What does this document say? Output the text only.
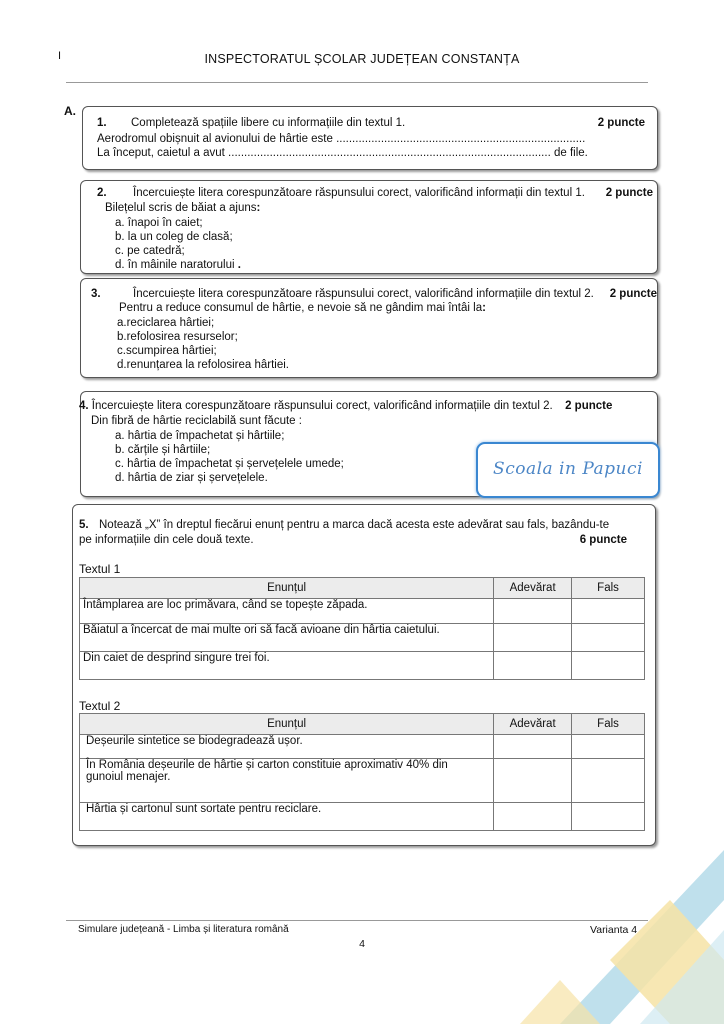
I	INSPECTORATUL ȘCOLAR JUDEȚEAN CONSTANȚA
A.
1. Completează spațiile libere cu informațiile din textul 1.	2 puncte
Aerodromul obișnuit al avionului de hârtie este ..............................................................................
La început, caietul a avut ..................................................................................................... de file.
2. Încercuiește litera corespunzătoare răspunsului corect, valorificând informații din textul 1. 2 puncte
Bilețelul scris de băiat a ajuns:
a. înapoi în caiet;
b. la un coleg de clasă;
c. pe catedră;
d. în mâinile naratorului .
3.	Încercuiește litera corespunzătoare răspunsului corect, valorificând informațiile din textul 2. 2 puncte
Pentru a reduce consumul de hârtie, e nevoie să ne gândim mai întâi la:
a.reciclarea hârtiei;
b.refolosirea resurselor;
c.scumpirea hârtiei;
d.renunțarea la refolosirea hârtiei.
4. Încercuiește litera corespunzătoare răspunsului corect, valorificând informațiile din textul 2. 2 puncte
Din fibră de hârtie reciclabilă sunt făcute :
a. hârtia de împachetat și hârtiile;
b. cărțile și hârtiile;
c. hârtia de împachetat și șervețelele umede;
d. hârtia de ziar și șervețelele.	Scoala in Papuci
5. Notează „X” în dreptul fiecărui enunț pentru a marca dacă acesta este adevărat sau fals, bazându-te
pe informațiile din cele două texte.	6 puncte
Textul 1
Enunțul	Adevărat	Fals
Întâmplarea are loc primăvara, când se topește zăpada.		
Băiatul a încercat de mai multe ori să facă avioane din hârtia caietului.		
Din caiet de desprind singure trei foi.		
Textul 2
Enunțul	Adevărat	Fals
Deșeurile sintetice se biodegradează ușor.		
În România deșeurile de hârtie și carton constituie aproximativ 40% din gunoiul menajer.		
Hârtia și cartonul sunt sortate pentru reciclare.		
Simulare județeană - Limba și literatura română	Varianta 4
4
